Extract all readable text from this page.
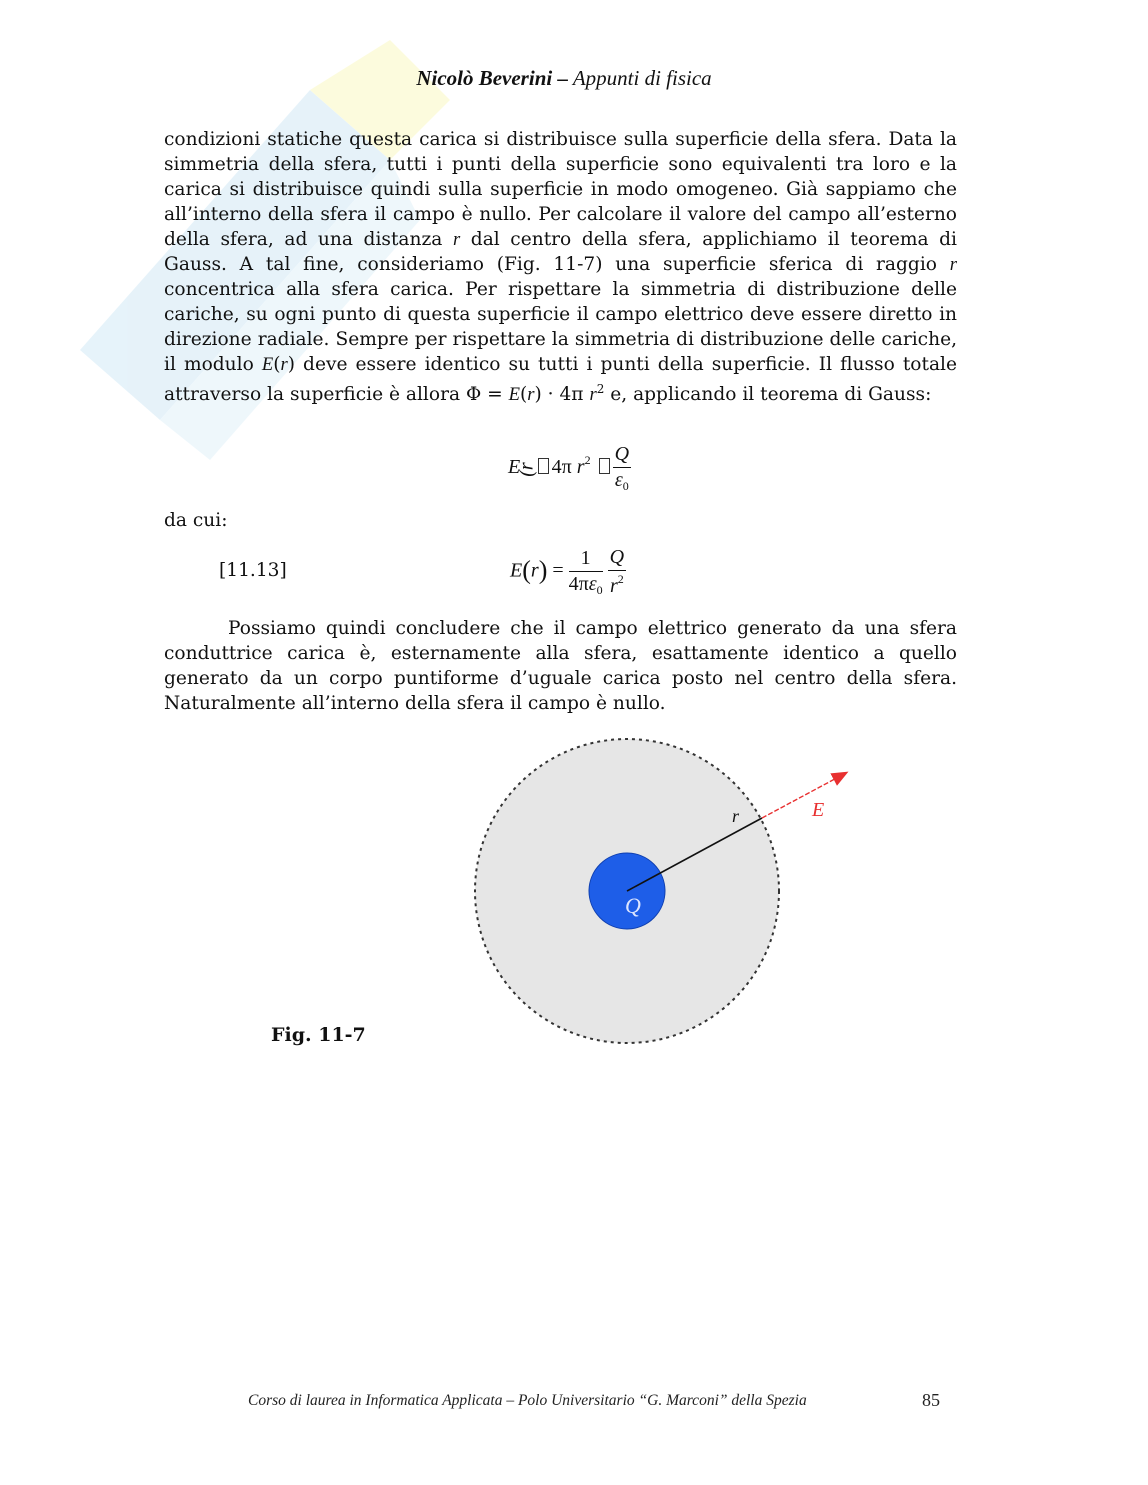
Nicolò Beverini – Appunti di fisica

condizioni statiche questa carica si distribuisce sulla superficie della sfera. Data la simmetria della sfera, tutti i punti della superficie sono equivalenti tra loro e la carica si distribuisce quindi sulla superficie in modo omogeneo. Già sappiamo che all’interno della sfera il campo è nullo. Per calcolare il valore del campo all’esterno della sfera, ad una distanza r dal centro della sfera, applichiamo il teorema di Gauss. A tal fine, consideriamo (Fig. 11-7) una superficie sferica di raggio r concentrica alla sfera carica. Per rispettare la simmetria di distribuzione delle cariche, su ogni punto di questa superficie il campo elettrico deve essere diretto in direzione radiale. Sempre per rispettare la simmetria di distribuzione delle cariche, il modulo E(r) deve essere identico su tutti i punti della superficie. Il flusso totale attraverso la superficie è allora Φ = E(r) · 4π $r^2$ e, applicando il teorema di Gauss:

E(r 4π $r^2 \frac{Q}{\varepsilon_0}$
da cui:
[11.13]	$E(r) = \frac{1}{4\pi\varepsilon_0}$
$\frac{Q}{r^2}$

Possiamo quindi concludere che il campo elettrico generato da una sfera conduttrice carica è, esternamente alla sfera, esattamente identico a quello generato da un corpo puntiforme d’uguale carica posto nel centro della sfera. Naturalmente all’interno della sfera il campo è nullo.

r	E
Q
Fig. 11-7
Corso di laurea in Informatica Applicata – Polo Universitario “G. Marconi” della Spezia	85
